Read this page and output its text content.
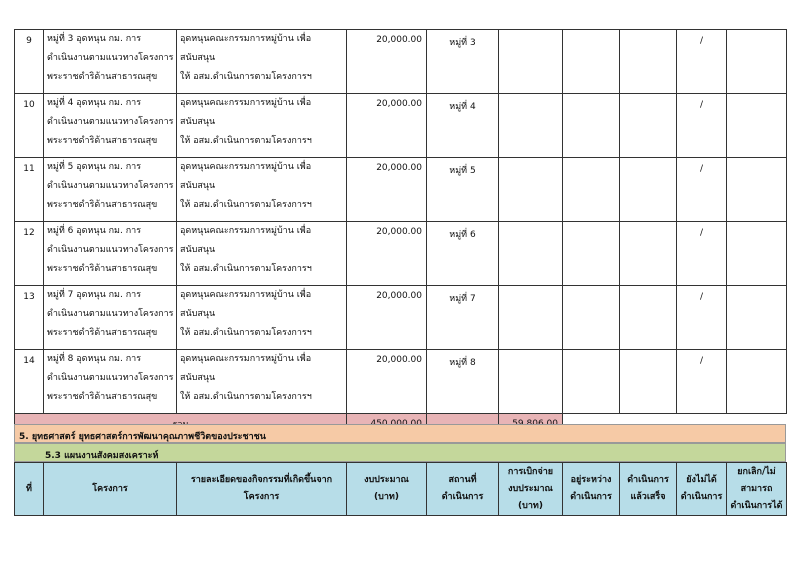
9	หมู่ที่ 3 อุดหนุน กม. การ
ดำเนินงานตามแนวทางโครงการ
พระราชดำริด้านสาธารณสุข	อุดหนุนคณะกรรมการหมู่บ้าน เพื่อสนับสนุน
ให้ อสม.ดำเนินการตามโครงการฯ	20,000.00	หมู่ที่ 3				/	
10	หมู่ที่ 4 อุดหนุน กม. การ
ดำเนินงานตามแนวทางโครงการ
พระราชดำริด้านสาธารณสุข	อุดหนุนคณะกรรมการหมู่บ้าน เพื่อสนับสนุน
ให้ อสม.ดำเนินการตามโครงการฯ	20,000.00	หมู่ที่ 4				/	
11	หมู่ที่ 5 อุดหนุน กม. การ
ดำเนินงานตามแนวทางโครงการ
พระราชดำริด้านสาธารณสุข	อุดหนุนคณะกรรมการหมู่บ้าน เพื่อสนับสนุน
ให้ อสม.ดำเนินการตามโครงการฯ	20,000.00	หมู่ที่ 5				/	
12	หมู่ที่ 6 อุดหนุน กม. การ
ดำเนินงานตามแนวทางโครงการ
พระราชดำริด้านสาธารณสุข	อุดหนุนคณะกรรมการหมู่บ้าน เพื่อสนับสนุน
ให้ อสม.ดำเนินการตามโครงการฯ	20,000.00	หมู่ที่ 6				/	
13	หมู่ที่ 7 อุดหนุน กม. การ
ดำเนินงานตามแนวทางโครงการ
พระราชดำริด้านสาธารณสุข	อุดหนุนคณะกรรมการหมู่บ้าน เพื่อสนับสนุน
ให้ อสม.ดำเนินการตามโครงการฯ	20,000.00	หมู่ที่ 7				/	
14	หมู่ที่ 8 อุดหนุน กม. การ
ดำเนินงานตามแนวทางโครงการ
พระราชดำริด้านสาธารณสุข	อุดหนุนคณะกรรมการหมู่บ้าน เพื่อสนับสนุน
ให้ อสม.ดำเนินการตามโครงการฯ	20,000.00	หมู่ที่ 8				/	

5. ยุทธศาสตร์ ยุทธศาสตร์การพัฒนาคุณภาพชีวิตของประชาชน
5.3 แผนงานสังคมสงเคราะห์
ที่	โครงการ	รายละเอียดของกิจกรรมที่เกิดขึ้นจาก
โครงการ	งบประมาณ
(บาท)	สถานที่
ดำเนินการ	การเบิกจ่าย
งบประมาณ
(บาท)	อยู่ระหว่าง
ดำเนินการ	ดำเนินการ
แล้วเสร็จ	ยังไม่ได้
ดำเนินการ	ยกเลิก/ไม่
สามารถ
ดำเนินการได้
